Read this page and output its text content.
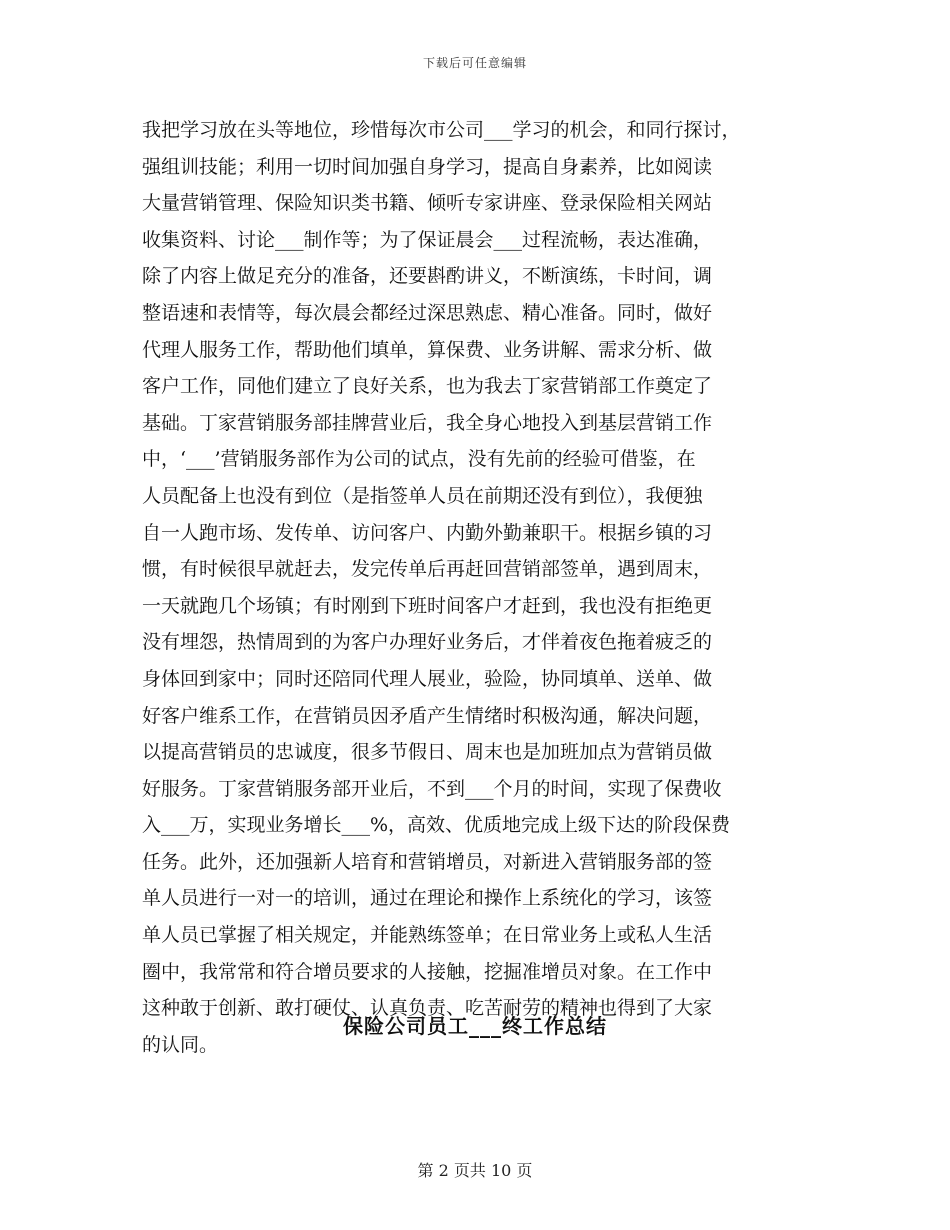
下载后可任意编辑
我把学习放在头等地位，珍惜每次市公司___学习的机会，和同行探讨，
强组训技能；利用一切时间加强自身学习，提高自身素养，比如阅读
大量营销管理、保险知识类书籍、倾听专家讲座、登录保险相关网站
收集资料、讨论___制作等；为了保证晨会___过程流畅，表达准确，
除了内容上做足充分的准备，还要斟酌讲义，不断演练，卡时间，调
整语速和表情等，每次晨会都经过深思熟虑、精心准备。同时，做好
代理人服务工作，帮助他们填单，算保费、业务讲解、需求分析、做
客户工作，同他们建立了良好关系，也为我去丁家营销部工作奠定了
基础。丁家营销服务部挂牌营业后，我全身心地投入到基层营销工作
中，‘___’营销服务部作为公司的试点，没有先前的经验可借鉴，在
人员配备上也没有到位（是指签单人员在前期还没有到位），我便独
自一人跑市场、发传单、访问客户、内勤外勤兼职干。根据乡镇的习
惯，有时候很早就赶去，发完传单后再赶回营销部签单，遇到周末，
一天就跑几个场镇；有时刚到下班时间客户才赶到，我也没有拒绝更
没有埋怨，热情周到的为客户办理好业务后，才伴着夜色拖着疲乏的
身体回到家中；同时还陪同代理人展业，验险，协同填单、送单、做
好客户维系工作，在营销员因矛盾产生情绪时积极沟通，解决问题，
以提高营销员的忠诚度，很多节假日、周末也是加班加点为营销员做
好服务。丁家营销服务部开业后，不到___个月的时间，实现了保费收
入___万，实现业务增长___%，高效、优质地完成上级下达的阶段保费
任务。此外，还加强新人培育和营销增员，对新进入营销服务部的签
单人员进行一对一的培训，通过在理论和操作上系统化的学习，该签
单人员已掌握了相关规定，并能熟练签单；在日常业务上或私人生活
圈中，我常常和符合增员要求的人接触，挖掘准增员对象。在工作中
这种敢于创新、敢打硬仗、认真负责、吃苦耐劳的精神也得到了大家
的认同。
保险公司员工___终工作总结
第 2 页共 10 页
